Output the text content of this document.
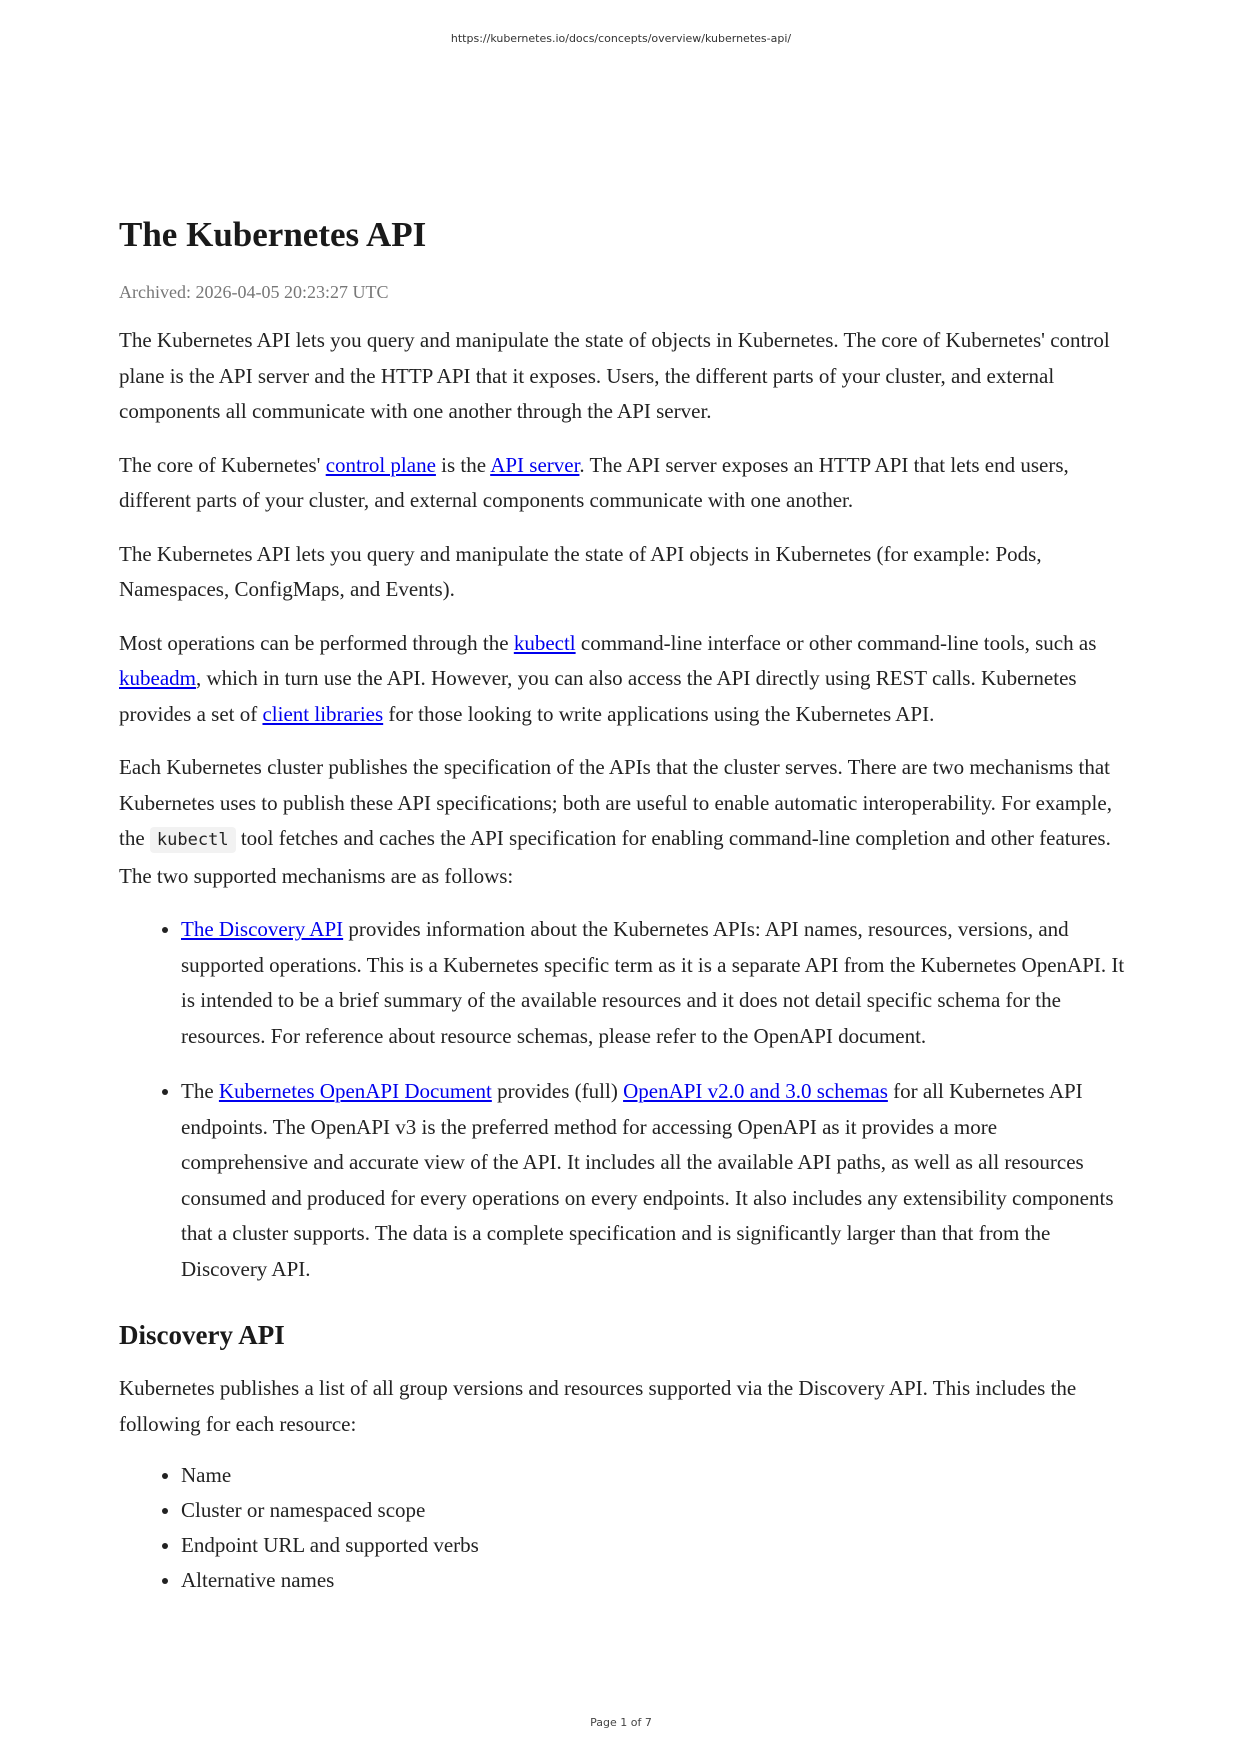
https://kubernetes.io/docs/concepts/overview/kubernetes-api/
The Kubernetes API
Archived: 2026-04-05 20:23:27 UTC

The Kubernetes API lets you query and manipulate the state of objects in Kubernetes. The core of Kubernetes' control plane is the API server and the HTTP API that it exposes. Users, the different parts of your cluster, and external components all communicate with one another through the API server.

The core of Kubernetes' control plane is the API server. The API server exposes an HTTP API that lets end users, different parts of your cluster, and external components communicate with one another.

The Kubernetes API lets you query and manipulate the state of API objects in Kubernetes (for example: Pods, Namespaces, ConfigMaps, and Events).

Most operations can be performed through the kubectl command-line interface or other command-line tools, such as kubeadm, which in turn use the API. However, you can also access the API directly using REST calls. Kubernetes provides a set of client libraries for those looking to write applications using the Kubernetes API.

Each Kubernetes cluster publishes the specification of the APIs that the cluster serves. There are two mechanisms that Kubernetes uses to publish these API specifications; both are useful to enable automatic interoperability. For example, the kubectl tool fetches and caches the API specification for enabling command-line completion and other features. The two supported mechanisms are as follows:

• The Discovery API provides information about the Kubernetes APIs: API names, resources, versions, and supported operations. This is a Kubernetes specific term as it is a separate API from the Kubernetes OpenAPI. It is intended to be a brief summary of the available resources and it does not detail specific schema for the resources. For reference about resource schemas, please refer to the OpenAPI document.
• The Kubernetes OpenAPI Document provides (full) OpenAPI v2.0 and 3.0 schemas for all Kubernetes API endpoints. The OpenAPI v3 is the preferred method for accessing OpenAPI as it provides a more comprehensive and accurate view of the API. It includes all the available API paths, as well as all resources consumed and produced for every operations on every endpoints. It also includes any extensibility components that a cluster supports. The data is a complete specification and is significantly larger than that from the Discovery API.
Discovery API

Kubernetes publishes a list of all group versions and resources supported via the Discovery API. This includes the following for each resource:

• Name
• Cluster or namespaced scope
• Endpoint URL and supported verbs
• Alternative names
Page 1 of 7
